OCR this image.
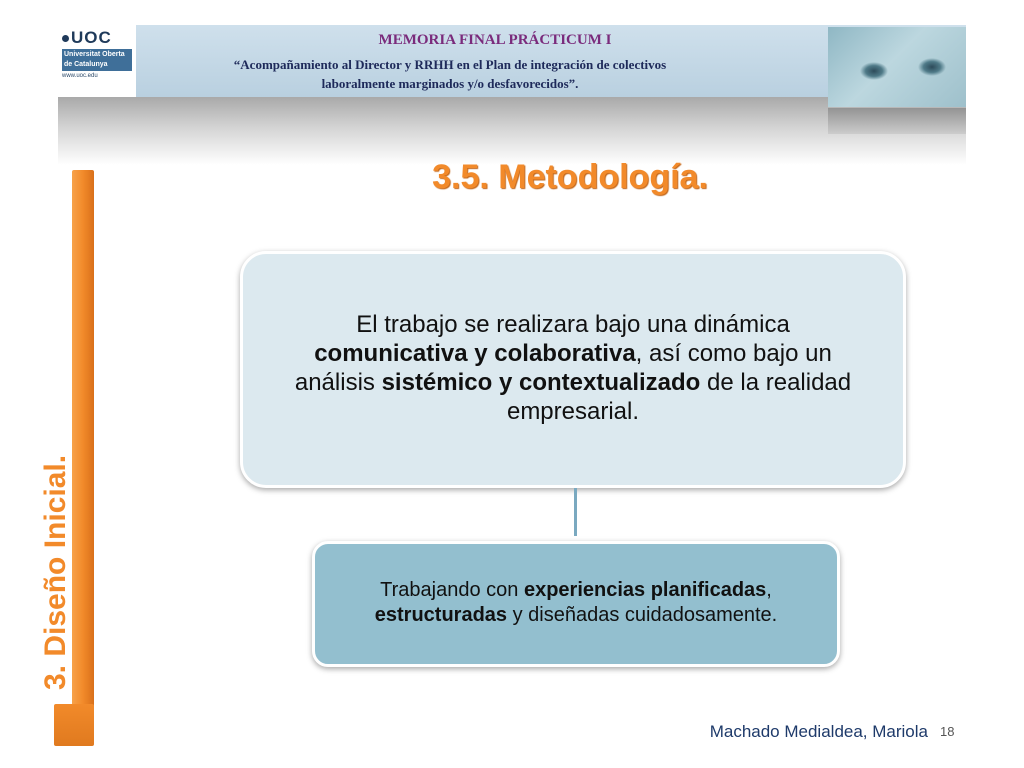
UOC
Universitat Oberta
de Catalunya
www.uoc.edu
MEMORIA FINAL PRÁCTICUM I
“Acompañamiento al Director y RRHH en el Plan de integración de colectivos
laboralmente marginados y/o desfavorecidos”.
3.5. Metodología.
3. Diseño Inicial.
El trabajo se realizara bajo una dinámica
comunicativa y colaborativa, así como bajo un análisis sistémico y contextualizado de la realidad empresarial.
Trabajando con experiencias planificadas,
estructuradas y diseñadas cuidadosamente.
Machado Medialdea, Mariola 18
